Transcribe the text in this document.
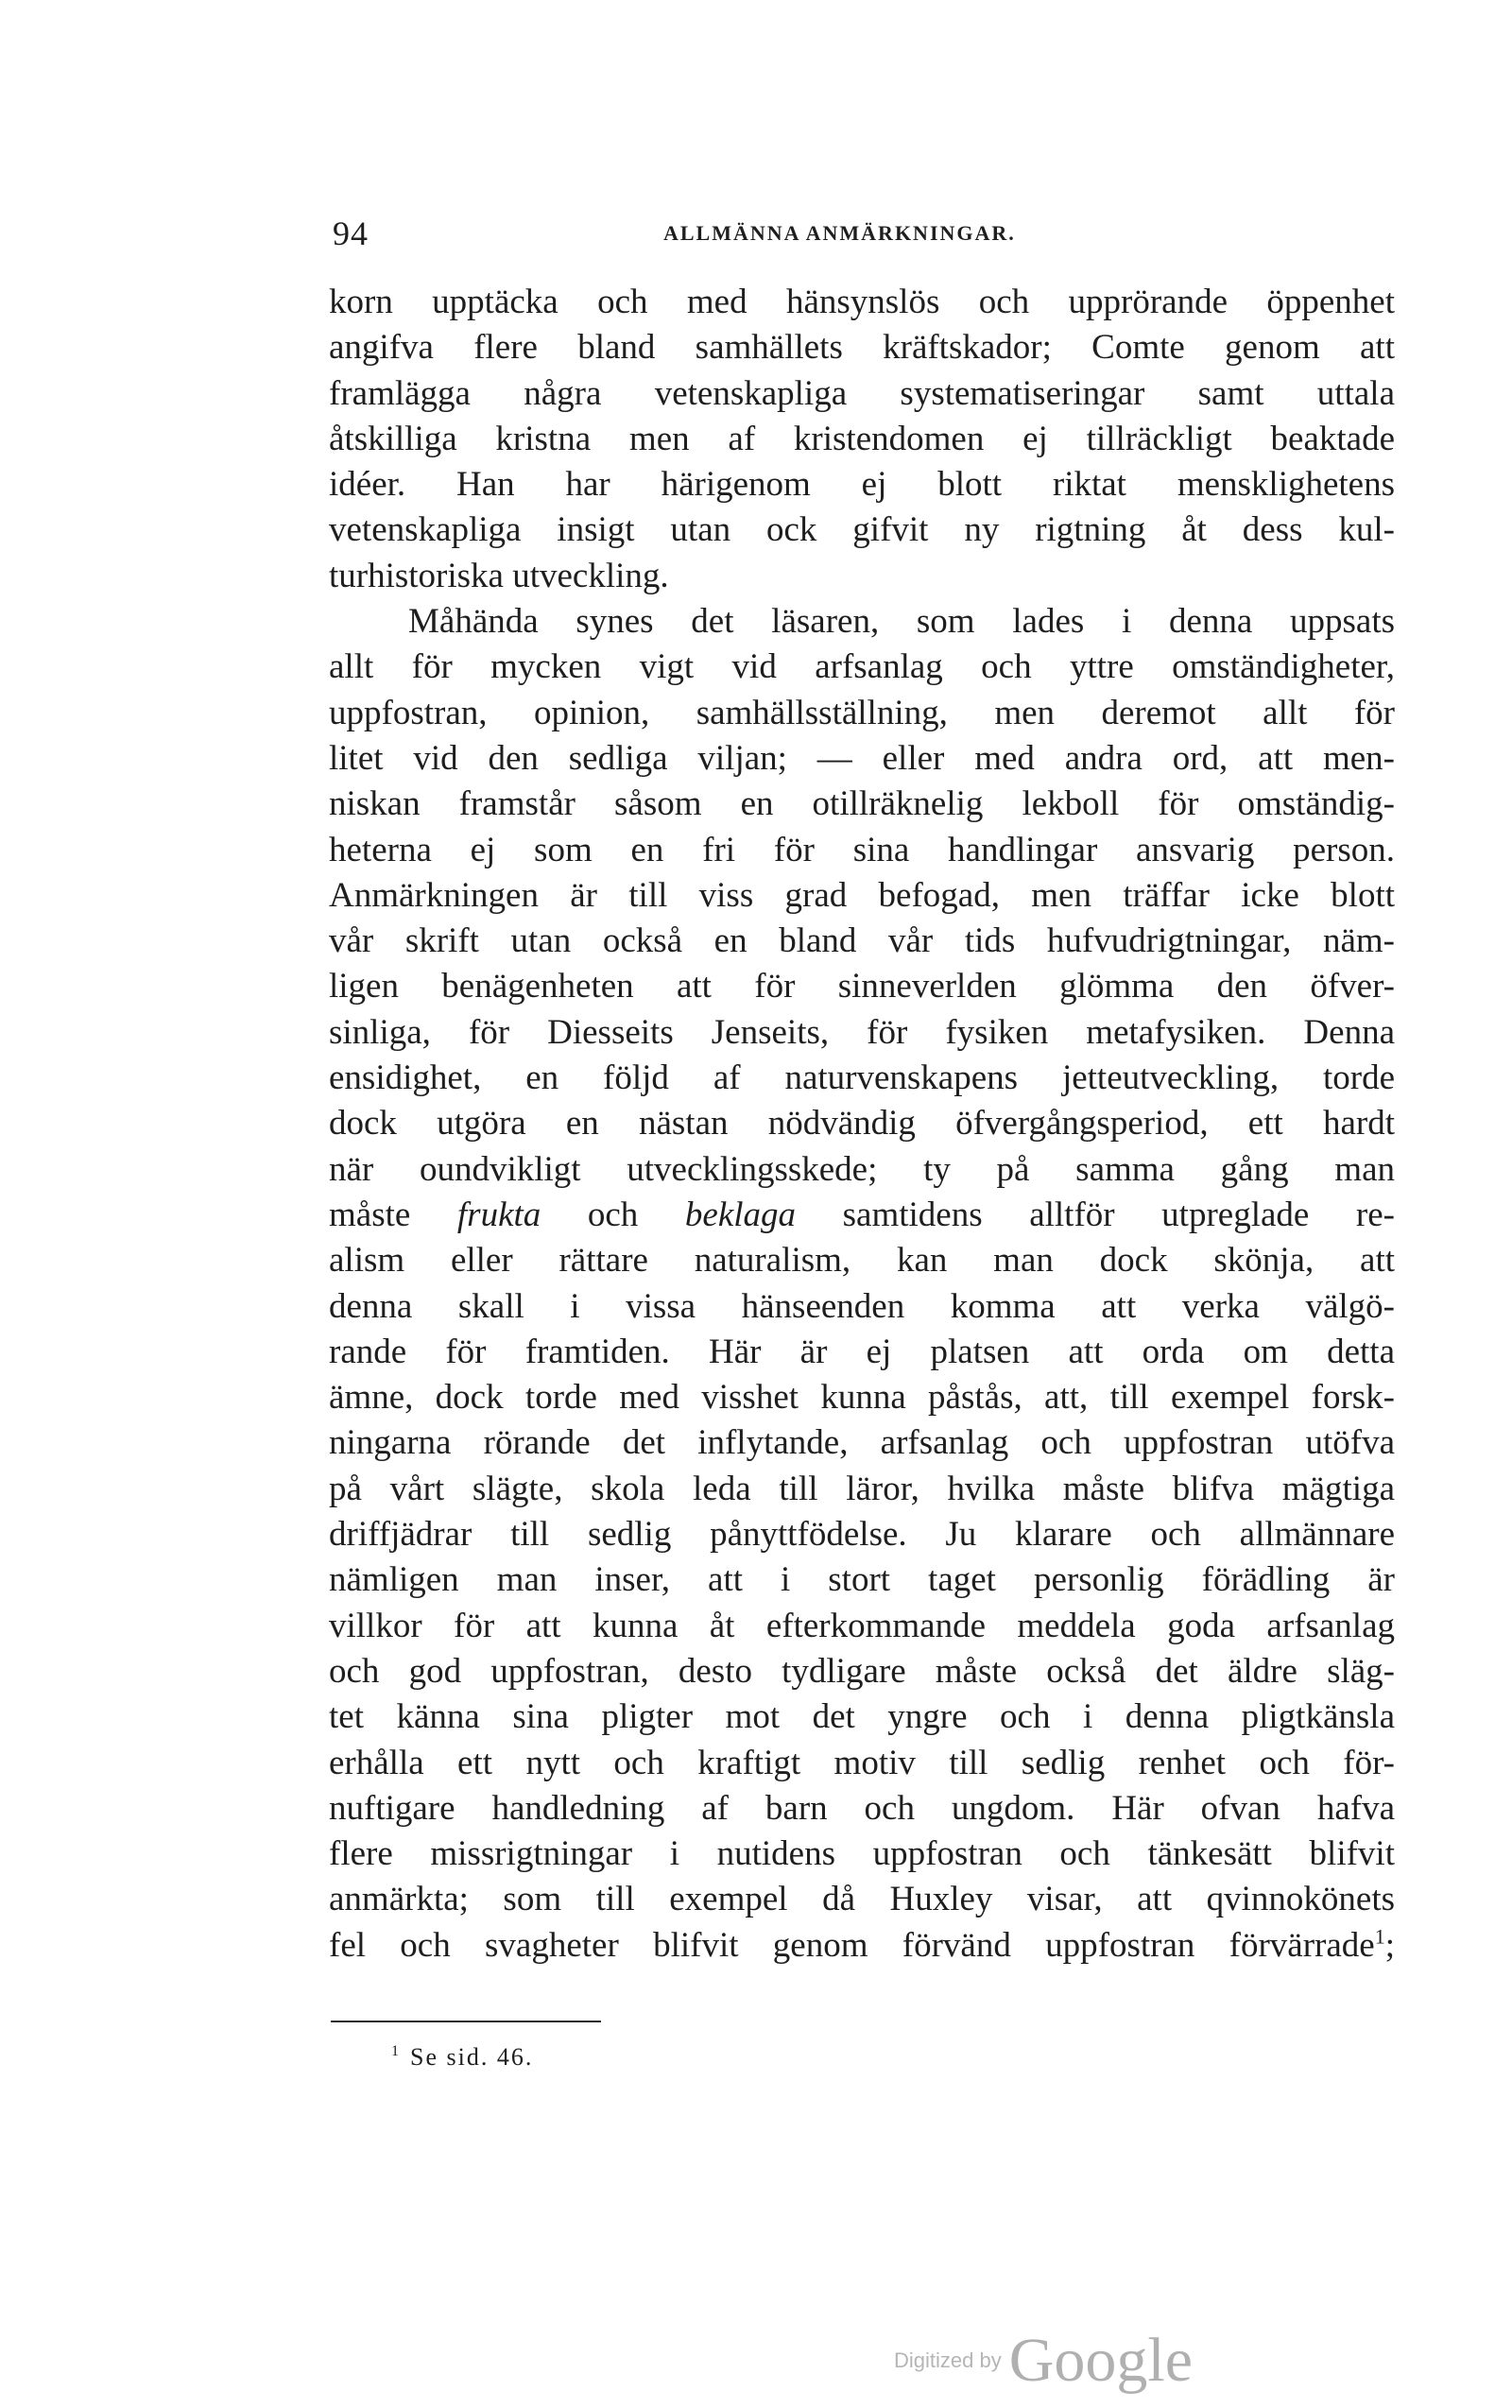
94	ALLMÄNNA ANMÄRKNINGAR.
korn upptäcka och med hänsynslös och upprörande öppenhet
angifva flere bland samhällets kräftskador; Comte genom att
framlägga några vetenskapliga systematiseringar samt uttala
åtskilliga kristna men af kristendomen ej tillräckligt beaktade
idéer. Han har härigenom ej blott riktat mensklighetens
vetenskapliga insigt utan ock gifvit ny rigtning åt dess kul-
turhistoriska utveckling.
Måhända synes det läsaren, som lades i denna uppsats
allt för mycken vigt vid arfsanlag och yttre omständigheter,
uppfostran, opinion, samhällsställning, men deremot allt för
litet vid den sedliga viljan; — eller med andra ord, att men-
niskan framstår såsom en otillräknelig lekboll för omständig-
heterna ej som en fri för sina handlingar ansvarig person.
Anmärkningen är till viss grad befogad, men träffar icke blott
vår skrift utan också en bland vår tids hufvudrigtningar, näm-
ligen benägenheten att för sinneverlden glömma den öfver-
sinliga, för Diesseits Jenseits, för fysiken metafysiken. Denna
ensidighet, en följd af naturvenskapens jetteutveckling, torde
dock utgöra en nästan nödvändig öfvergångsperiod, ett hardt
när oundvikligt utvecklingsskede; ty på samma gång man
måste frukta och beklaga samtidens alltför utpreglade re-
alism eller rättare naturalism, kan man dock skönja, att
denna skall i vissa hänseenden komma att verka välgö-
rande för framtiden. Här är ej platsen att orda om detta
ämne, dock torde med visshet kunna påstås, att, till exempel forsk-
ningarna rörande det inflytande, arfsanlag och uppfostran utöfva
på vårt slägte, skola leda till läror, hvilka måste blifva mägtiga
driffjädrar till sedlig pånyttfödelse. Ju klarare och allmännare
nämligen man inser, att i stort taget personlig förädling är
villkor för att kunna åt efterkommande meddela goda arfsanlag
och god uppfostran, desto tydligare måste också det äldre släg-
tet känna sina pligter mot det yngre och i denna pligtkänsla
erhålla ett nytt och kraftigt motiv till sedlig renhet och för-
nuftigare handledning af barn och ungdom. Här ofvan hafva
flere missrigtningar i nutidens uppfostran och tänkesätt blifvit
anmärkta; som till exempel då Huxley visar, att qvinnokönets
fel och svagheter blifvit genom förvänd uppfostran förvärrade$^1$;
$^1$ Se sid. 46.
Digitized by Google
